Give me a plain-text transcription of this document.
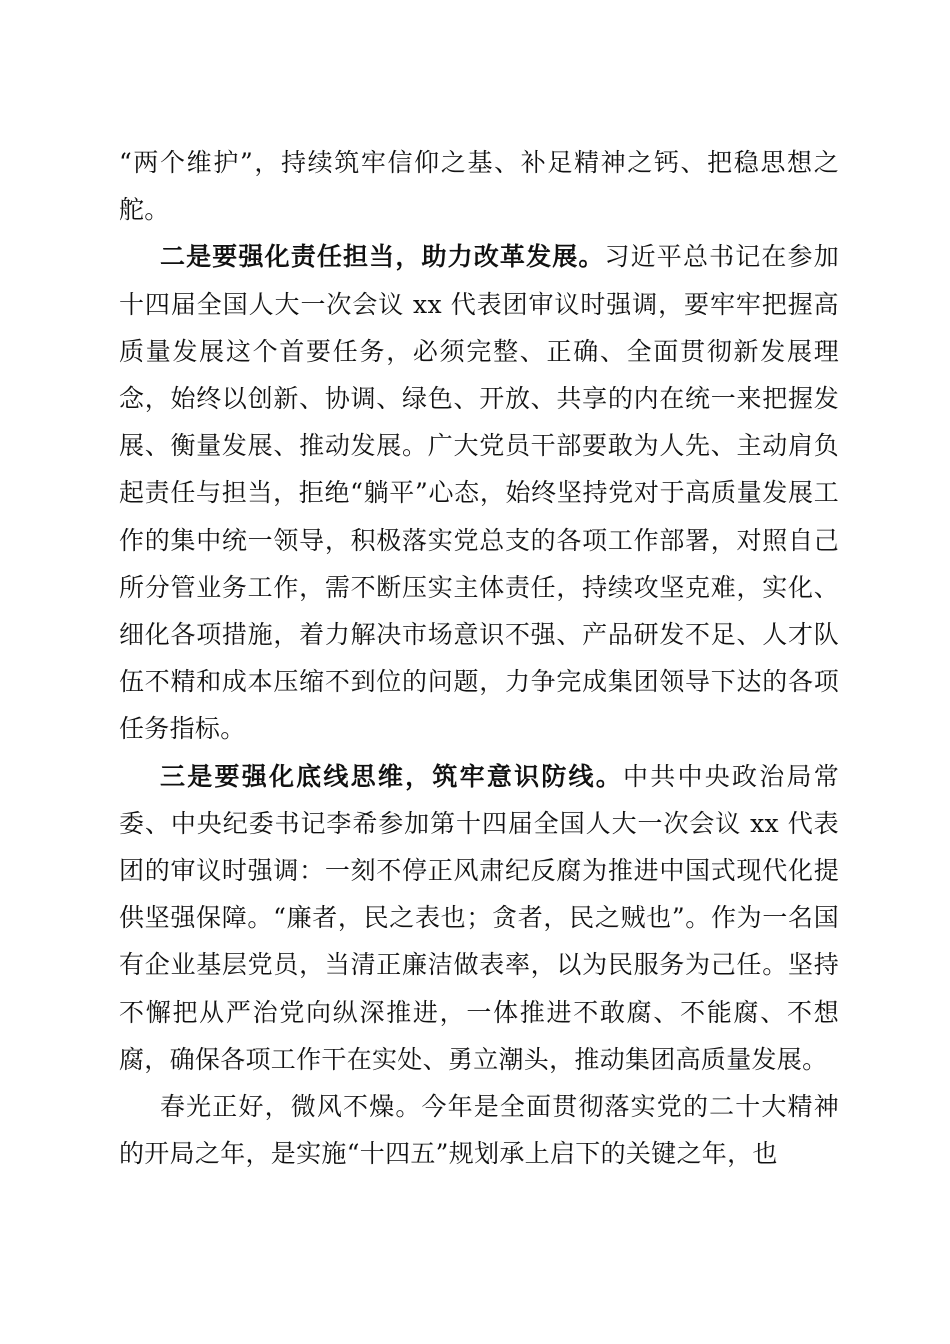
“两个维护”，持续筑牢信仰之基、补足精神之钙、把稳思想之舵。

二是要强化责任担当，助力改革发展。习近平总书记在参加十四届全国人大一次会议 xx 代表团审议时强调，要牢牢把握高质量发展这个首要任务，必须完整、正确、全面贯彻新发展理念，始终以创新、协调、绿色、开放、共享的内在统一来把握发展、衡量发展、推动发展。广大党员干部要敢为人先、主动肩负起责任与担当，拒绝“躺平”心态，始终坚持党对于高质量发展工作的集中统一领导，积极落实党总支的各项工作部署，对照自己所分管业务工作，需不断压实主体责任，持续攻坚克难，实化、细化各项措施，着力解决市场意识不强、产品研发不足、人才队伍不精和成本压缩不到位的问题，力争完成集团领导下达的各项任务指标。

三是要强化底线思维，筑牢意识防线。中共中央政治局常委、中央纪委书记李希参加第十四届全国人大一次会议 xx 代表团的审议时强调：一刻不停正风肃纪反腐为推进中国式现代化提供坚强保障。“廉者，民之表也；贪者，民之贼也”。作为一名国有企业基层党员，当清正廉洁做表率，以为民服务为己任。坚持不懈把从严治党向纵深推进，一体推进不敢腐、不能腐、不想腐，确保各项工作干在实处、勇立潮头，推动集团高质量发展。

春光正好，微风不燥。今年是全面贯彻落实党的二十大精神的开局之年，是实施“十四五”规划承上启下的关键之年，也
